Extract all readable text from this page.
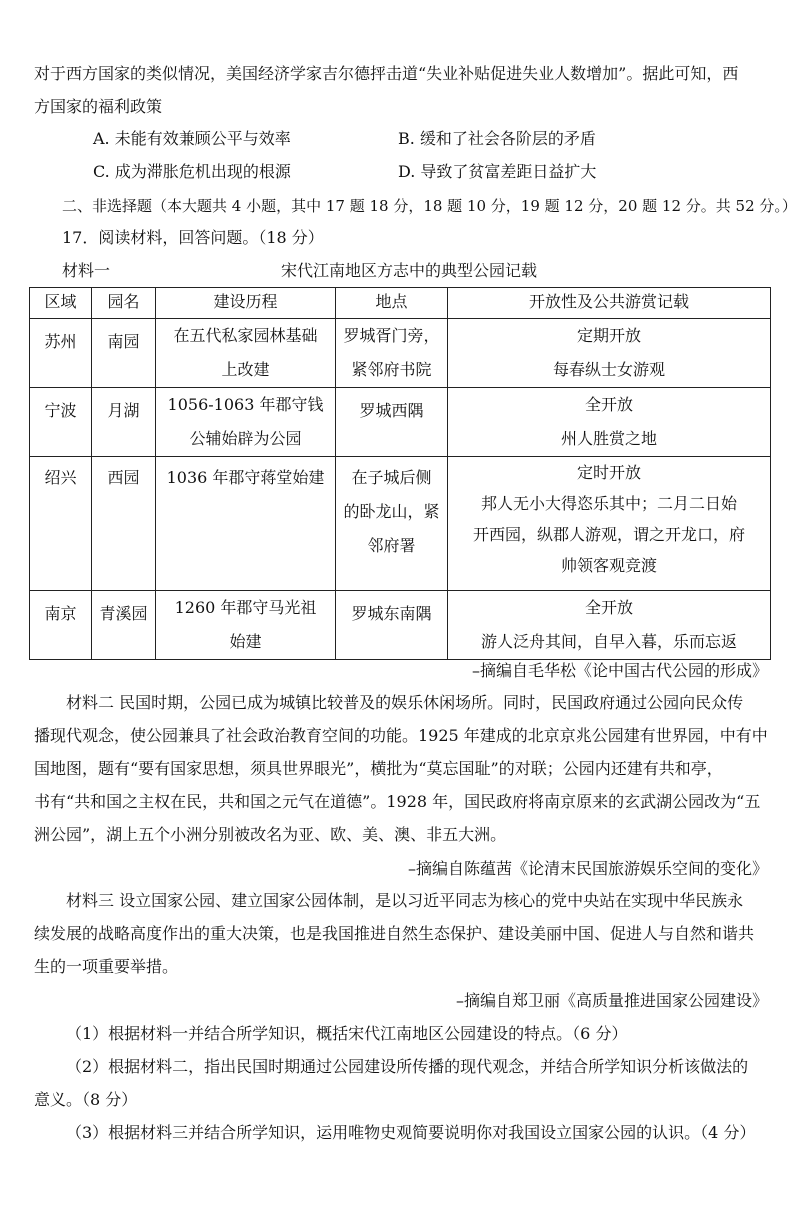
对于西方国家的类似情况，美国经济学家吉尔德抨击道“失业补贴促进失业人数增加”。据此可知，西
方国家的福利政策
A. 未能有效兼顾公平与效率	B. 缓和了社会各阶层的矛盾
C. 成为滞胀危机出现的根源	D. 导致了贫富差距日益扩大
二、非选择题（本大题共 4 小题，其中 17 题 18 分，18 题 10 分，19 题 12 分，20 题 12 分。共 52 分。）
17．阅读材料，回答问题。（18 分）
材料一	宋代江南地区方志中的典型公园记载
区域	园名	建设历程	地点	开放性及公共游赏记载
苏州	南园	在五代私家园林基础
上改建	罗城胥门旁，
紧邻府书院	定期开放
每春纵士女游观

宁波	月湖	1056-1063 年郡守钱
公辅始辟为公园	罗城西隅	全开放
州人胜赏之地

绍兴	西园	1036 年郡守蒋堂始建	在子城后侧
的卧龙山，紧
邻府署	定时开放
邦人无小大得恣乐其中；二月二日始
开西园，纵郡人游观，谓之开龙口，府
帅领客观竞渡

南京	青溪园	1260 年郡守马光祖
始建	罗城东南隅	全开放
游人泛舟其间，自早入暮，乐而忘返
–摘编自毛华松《论中国古代公园的形成》
材料二 民国时期，公园已成为城镇比较普及的娱乐休闲场所。同时，民国政府通过公园向民众传
播现代观念，使公园兼具了社会政治教育空间的功能。1925 年建成的北京京兆公园建有世界园，中有中
国地图，题有“要有国家思想，须具世界眼光”，横批为“莫忘国耻”的对联；公园内还建有共和亭，
书有“共和国之主权在民，共和国之元气在道德”。1928 年，国民政府将南京原来的玄武湖公园改为“五
洲公园”，湖上五个小洲分别被改名为亚、欧、美、澳、非五大洲。
–摘编自陈蕴茜《论清末民国旅游娱乐空间的变化》
材料三 设立国家公园、建立国家公园体制，是以习近平同志为核心的党中央站在实现中华民族永
续发展的战略高度作出的重大决策，也是我国推进自然生态保护、建设美丽中国、促进人与自然和谐共
生的一项重要举措。
–摘编自郑卫丽《高质量推进国家公园建设》
（1）根据材料一并结合所学知识，概括宋代江南地区公园建设的特点。（6 分）
（2）根据材料二，指出民国时期通过公园建设所传播的现代观念，并结合所学知识分析该做法的
意义。（8 分）
（3）根据材料三并结合所学知识，运用唯物史观简要说明你对我国设立国家公园的认识。（4 分）
